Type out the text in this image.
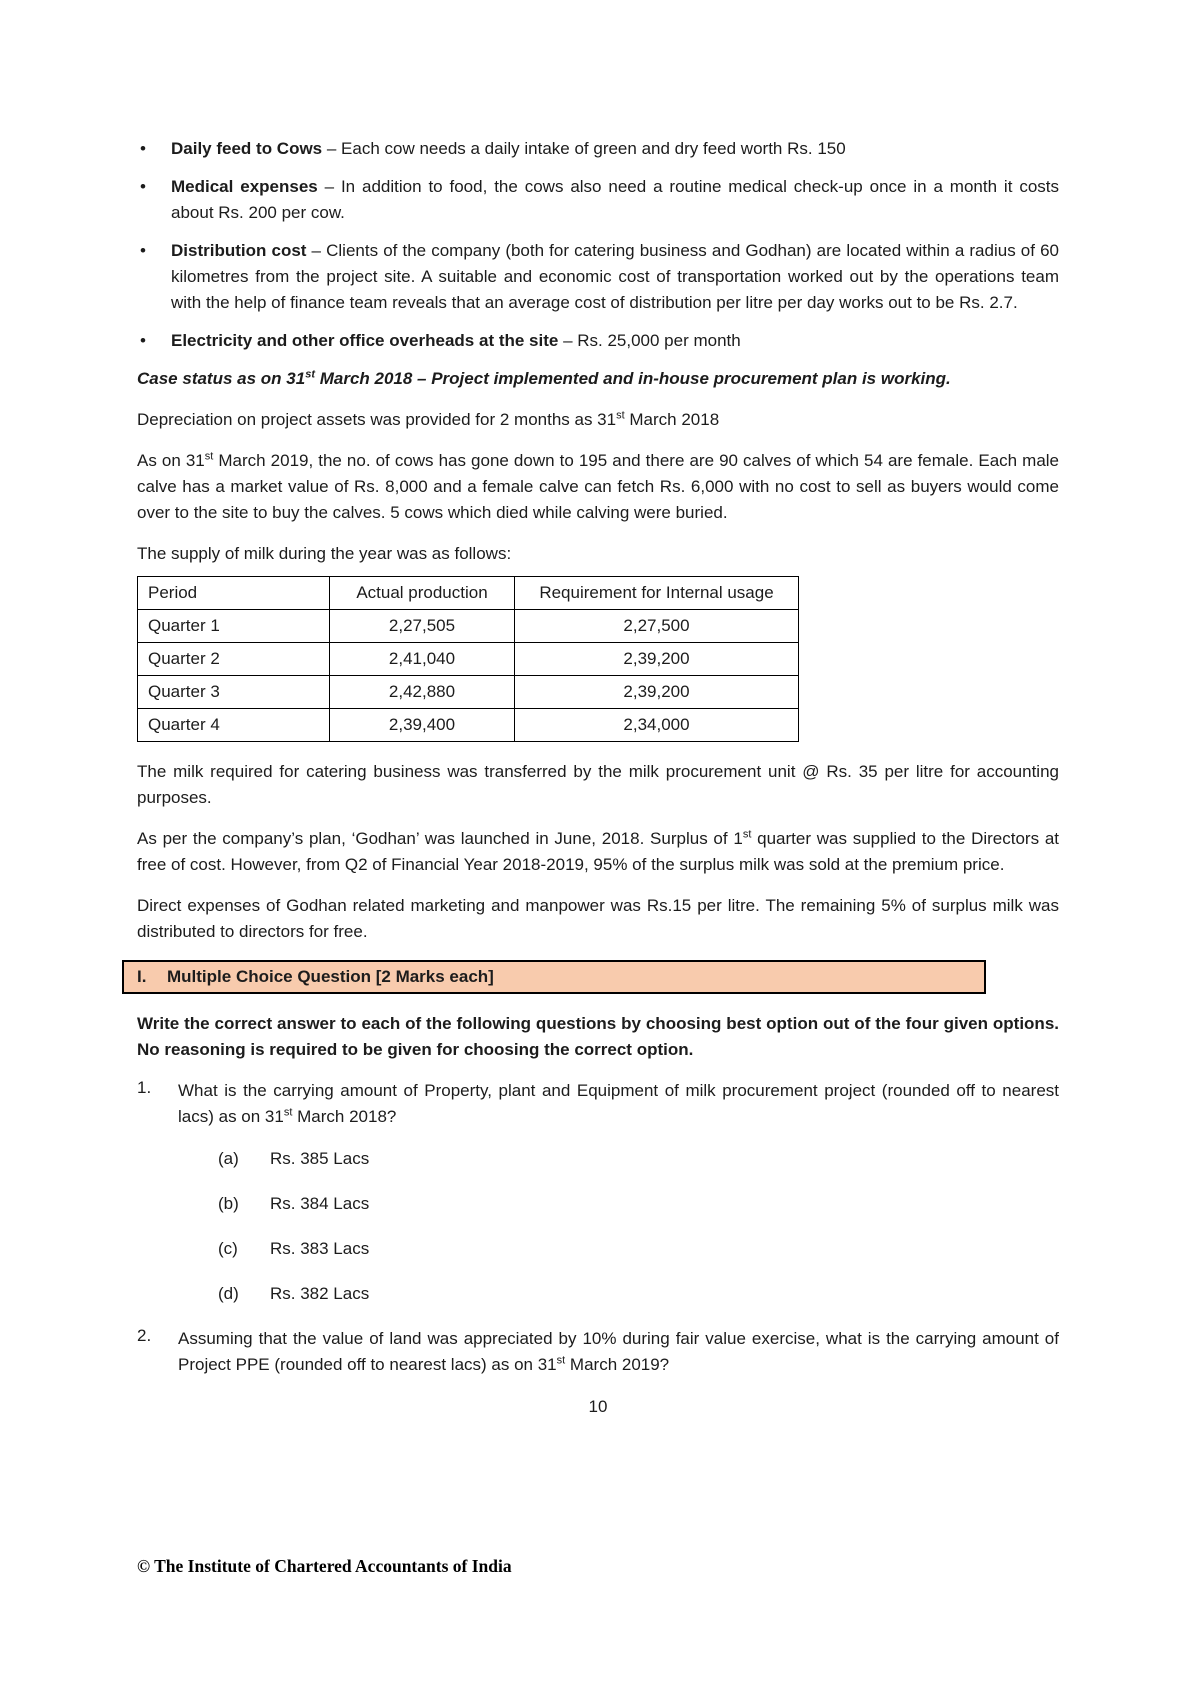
• Daily feed to Cows – Each cow needs a daily intake of green and dry feed worth Rs. 150
• Medical expenses – In addition to food, the cows also need a routine medical check-up once in a month it costs about Rs. 200 per cow.
• Distribution cost – Clients of the company (both for catering business and Godhan) are located within a radius of 60 kilometres from the project site. A suitable and economic cost of transportation worked out by the operations team with the help of finance team reveals that an average cost of distribution per litre per day works out to be Rs. 2.7.
• Electricity and other office overheads at the site – Rs. 25,000 per month

Case status as on 31st March 2018 – Project implemented and in-house procurement plan is working.

Depreciation on project assets was provided for 2 months as 31st March 2018

As on 31st March 2019, the no. of cows has gone down to 195 and there are 90 calves of which 54 are female. Each male calve has a market value of Rs. 8,000 and a female calve can fetch Rs. 6,000 with no cost to sell as buyers would come over to the site to buy the calves. 5 cows which died while calving were buried.

The supply of milk during the year was as follows:

Period	Actual production	Requirement for Internal usage
Quarter 1	2,27,505	2,27,500
Quarter 2	2,41,040	2,39,200
Quarter 3	2,42,880	2,39,200
Quarter 4	2,39,400	2,34,000

The milk required for catering business was transferred by the milk procurement unit @ Rs. 35 per litre for accounting purposes.

As per the company’s plan, ‘Godhan’ was launched in June, 2018. Surplus of 1st quarter was supplied to the Directors at free of cost. However, from Q2 of Financial Year 2018-2019, 95% of the surplus milk was sold at the premium price.

Direct expenses of Godhan related marketing and manpower was Rs.15 per litre. The remaining 5% of surplus milk was distributed to directors for free.

I.	Multiple Choice Question [2 Marks each]

Write the correct answer to each of the following questions by choosing best option out of the four given options. No reasoning is required to be given for choosing the correct option.

1.	What is the carrying amount of Property, plant and Equipment of milk procurement project (rounded off to nearest lacs) as on 31st March 2018?
(a)	Rs. 385 Lacs
(b)	Rs. 384 Lacs
(c)	Rs. 383 Lacs
(d)	Rs. 382 Lacs
2.	Assuming that the value of land was appreciated by 10% during fair value exercise, what is the carrying amount of Project PPE (rounded off to nearest lacs) as on 31st March 2019?
10
© The Institute of Chartered Accountants of India
